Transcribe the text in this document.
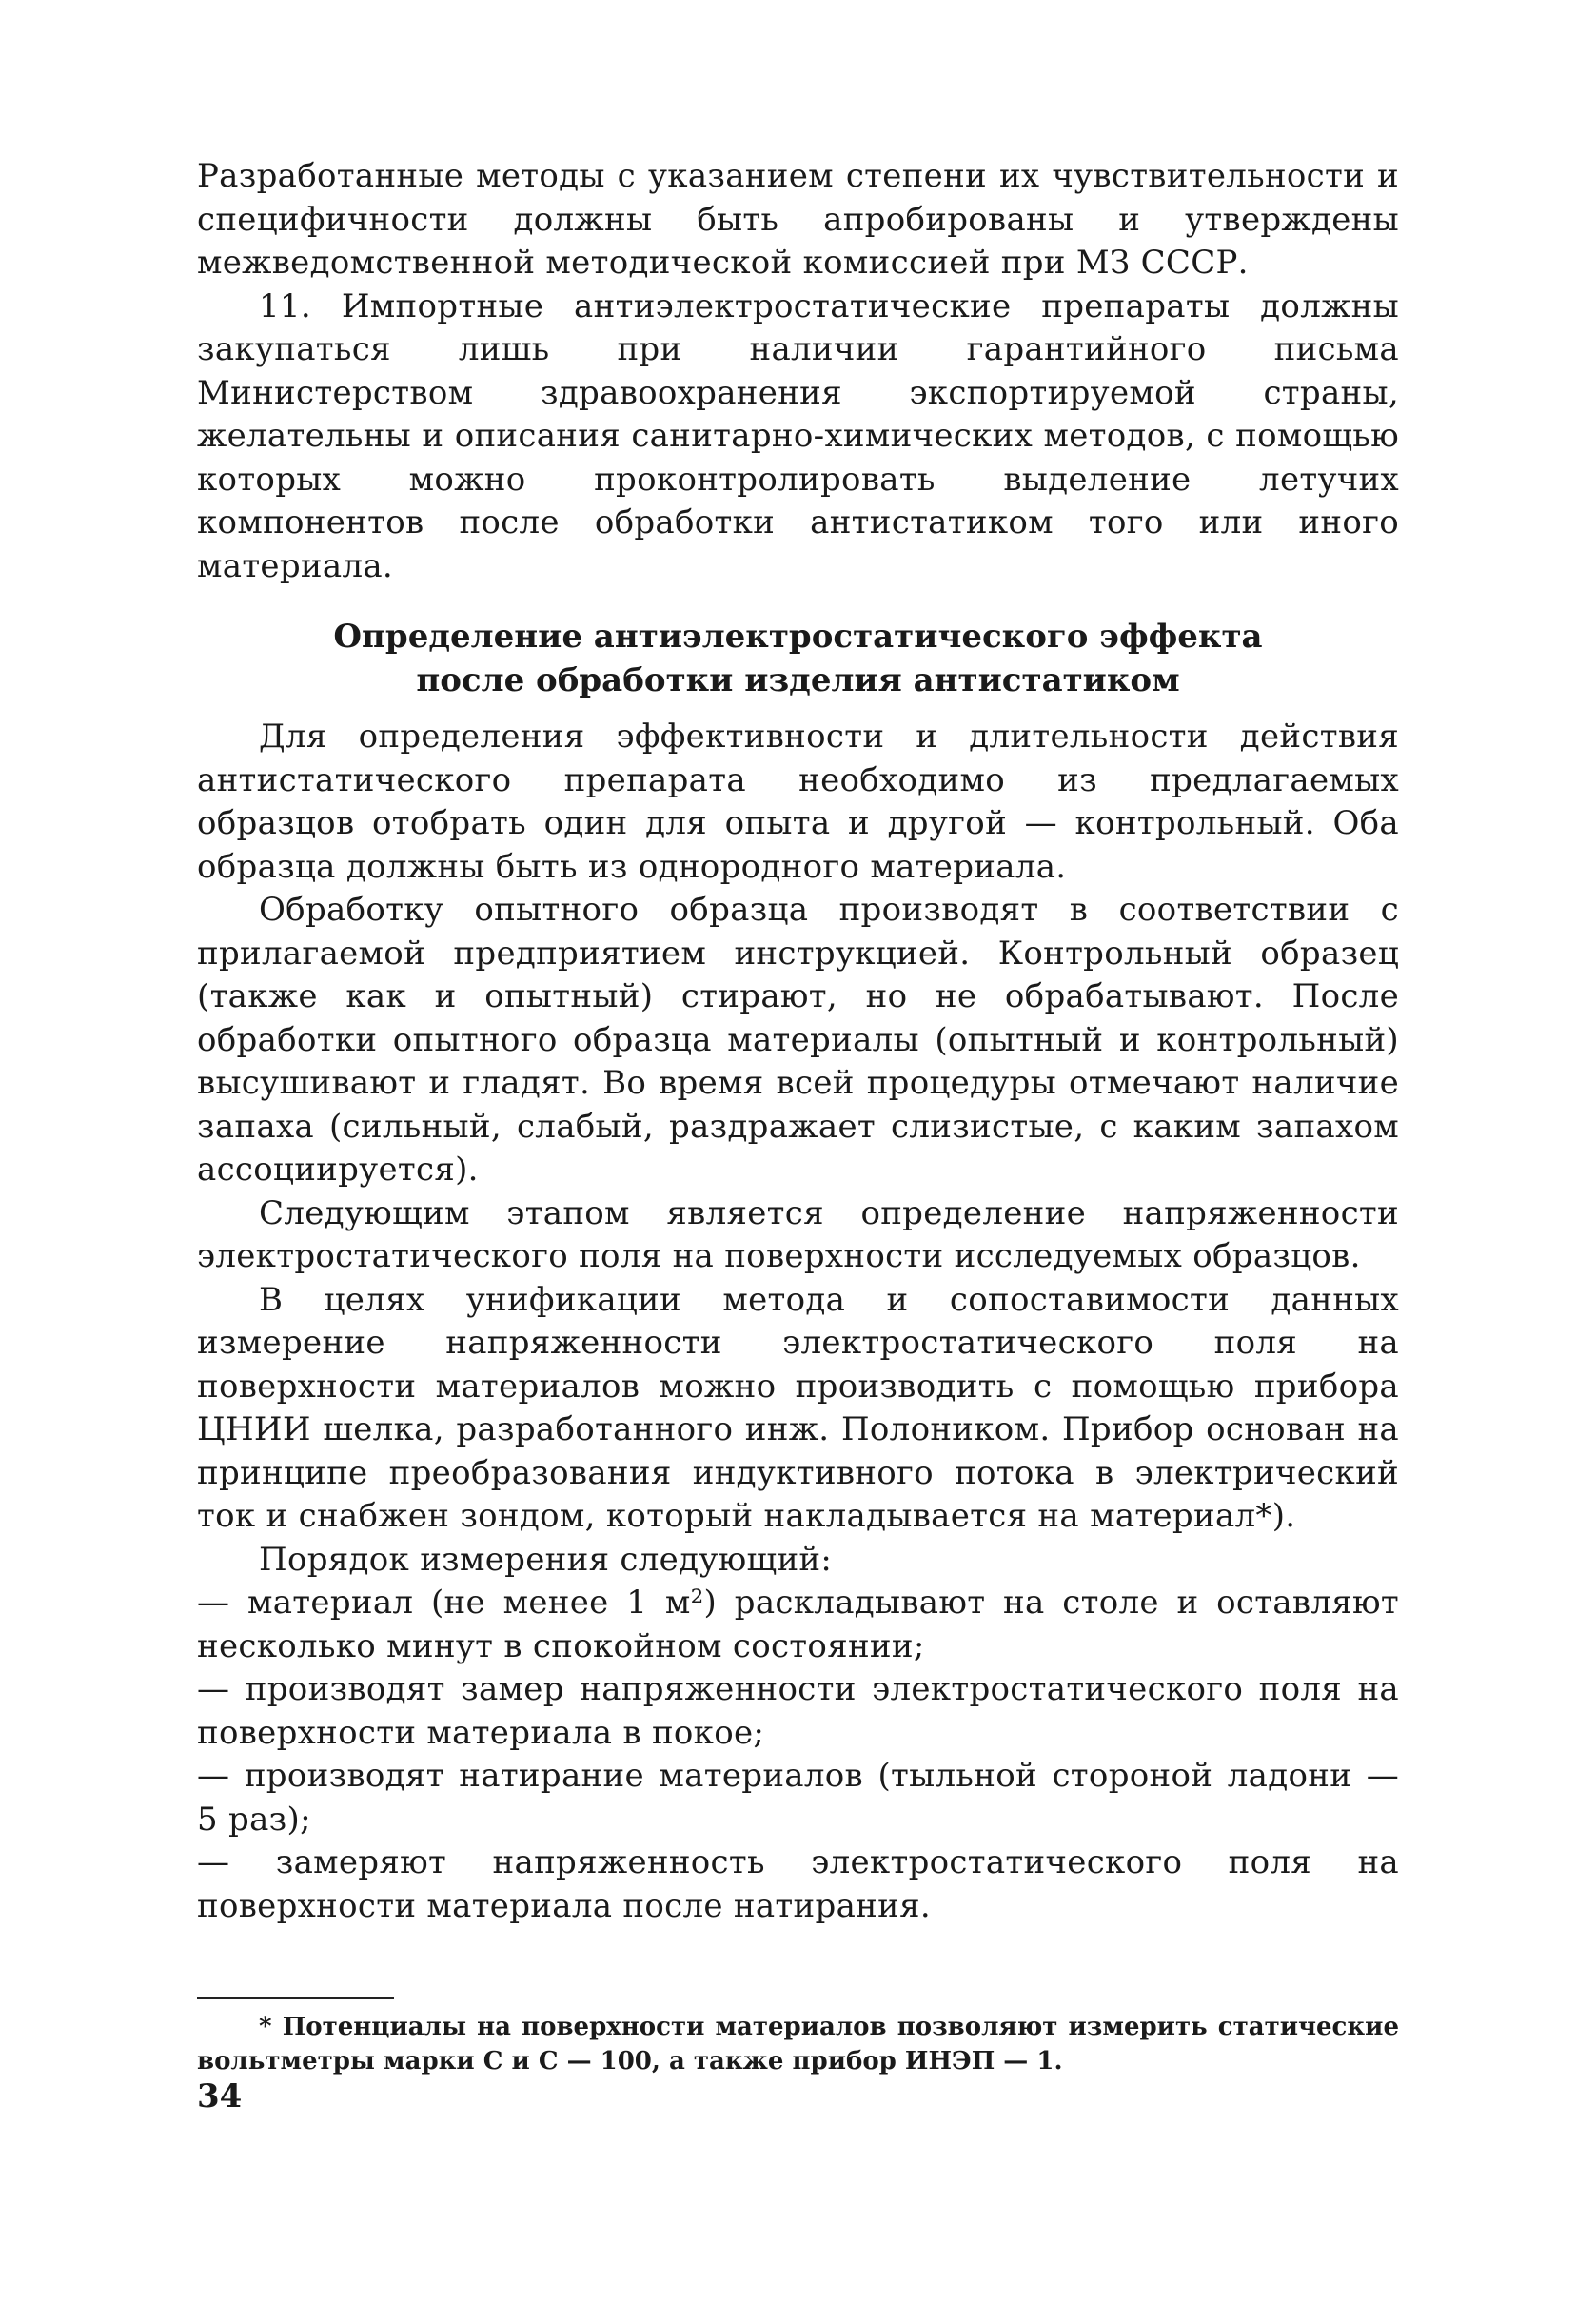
Разработанные методы с указанием степени их чувствительности и специфичности должны быть апробированы и утверждены межведомственной методической комиссией при МЗ СССР.

11. Импортные антиэлектростатические препараты должны закупаться лишь при наличии гарантийного письма Министерством здравоохранения экспортируемой страны, желательны и описания санитарно-химических методов, с помощью которых можно проконтролировать выделение летучих компонентов после обработки антистатиком того или иного материала.

Определение антиэлектростатического эффекта
после обработки изделия антистатиком

Для определения эффективности и длительности действия антистатического препарата необходимо из предлагаемых образцов отобрать один для опыта и другой — контрольный. Оба образца должны быть из однородного материала.

Обработку опытного образца производят в соответствии с прилагаемой предприятием инструкцией. Контрольный образец (также как и опытный) стирают, но не обрабатывают. После обработки опытного образца материалы (опытный и контрольный) высушивают и гладят. Во время всей процедуры отмечают наличие запаха (сильный, слабый, раздражает слизистые, с каким запахом ассоциируется).

Следующим этапом является определение напряженности электростатического поля на поверхности исследуемых образцов.

В целях унификации метода и сопоставимости данных измерение напряженности электростатического поля на поверхности материалов можно производить с помощью прибора ЦНИИ шелка, разработанного инж. Полоником. Прибор основан на принципе преобразования индуктивного потока в электрический ток и снабжен зондом, который накладывается на материал*).

Порядок измерения следующий:

— материал (не менее 1 м²) раскладывают на столе и оставляют несколько минут в спокойном состоянии;

— производят замер напряженности электростатического поля на поверхности материала в покое;

— производят натирание материалов (тыльной стороной ладони — 5 раз);

— замеряют напряженность электростатического поля на поверхности материала после натирания.

* Потенциалы на поверхности материалов позволяют измерить статические вольтметры марки С и С — 100, а также прибор ИНЭП — 1.
34
